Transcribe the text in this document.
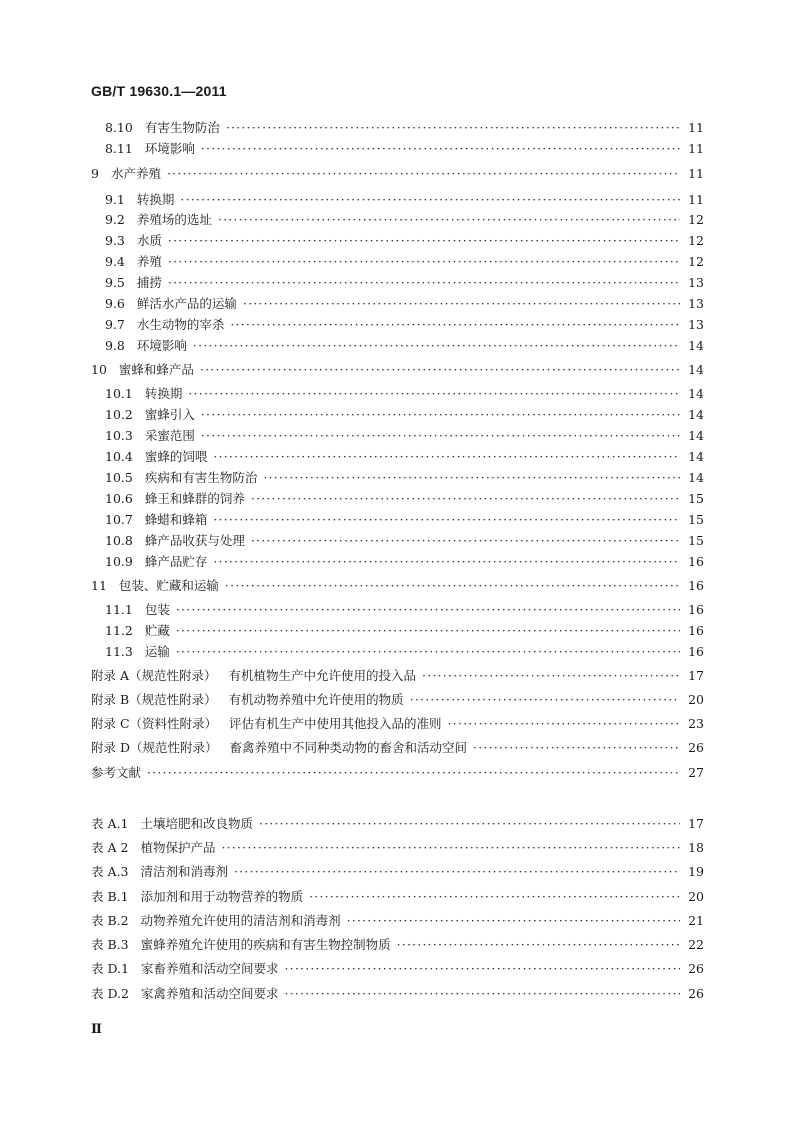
GB/T 19630.1—2011
8.10 有害生物防治 ·····	11
8.11 环境影响 ·····	11
9 水产养殖 ·····	11
9.1 转换期 ·····	11
9.2 养殖场的选址 ·····	12
9.3 水质 ·····	12
9.4 养殖 ·····	12
9.5 捕捞 ·····	13
9.6 鲜活水产品的运输 ·····	13
9.7 水生动物的宰杀 ·····	13
9.8 环境影响 ·····	14
10 蜜蜂和蜂产品 ·····	14
10.1 转换期 ·····	14
10.2 蜜蜂引入 ·····	14
10.3 采蜜范围 ·····	14
10.4 蜜蜂的饲喂 ·····	14
10.5 疾病和有害生物防治 ·····	14
10.6 蜂王和蜂群的饲养 ·····	15
10.7 蜂蜡和蜂箱 ·····	15
10.8 蜂产品收获与处理 ·····	15
10.9 蜂产品贮存 ·····	16
11 包装、贮藏和运输 ·····	16
11.1 包装 ·····	16
11.2 贮藏 ·····	16
11.3 运输 ·····	16
附录 A（规范性附录） 有机植物生产中允许使用的投入品 ·····	17
附录 B（规范性附录） 有机动物养殖中允许使用的物质 ·····	20
附录 C（资料性附录） 评估有机生产中使用其他投入品的准则 ·····	23
附录 D（规范性附录） 畜禽养殖中不同种类动物的畜舍和活动空间 ·····	26
参考文献 ·····	27
表 A.1 土壤培肥和改良物质 ·····	17
表 A 2 植物保护产品 ·····	18
表 A.3 清洁剂和消毒剂 ·····	19
表 B.1 添加剂和用于动物营养的物质 ·····	20
表 B.2 动物养殖允许使用的清洁剂和消毒剂 ·····	21
表 B.3 蜜蜂养殖允许使用的疾病和有害生物控制物质 ·····	22
表 D.1 家畜养殖和活动空间要求 ·····	26
表 D.2 家禽养殖和活动空间要求 ·····	26
Ⅱ
